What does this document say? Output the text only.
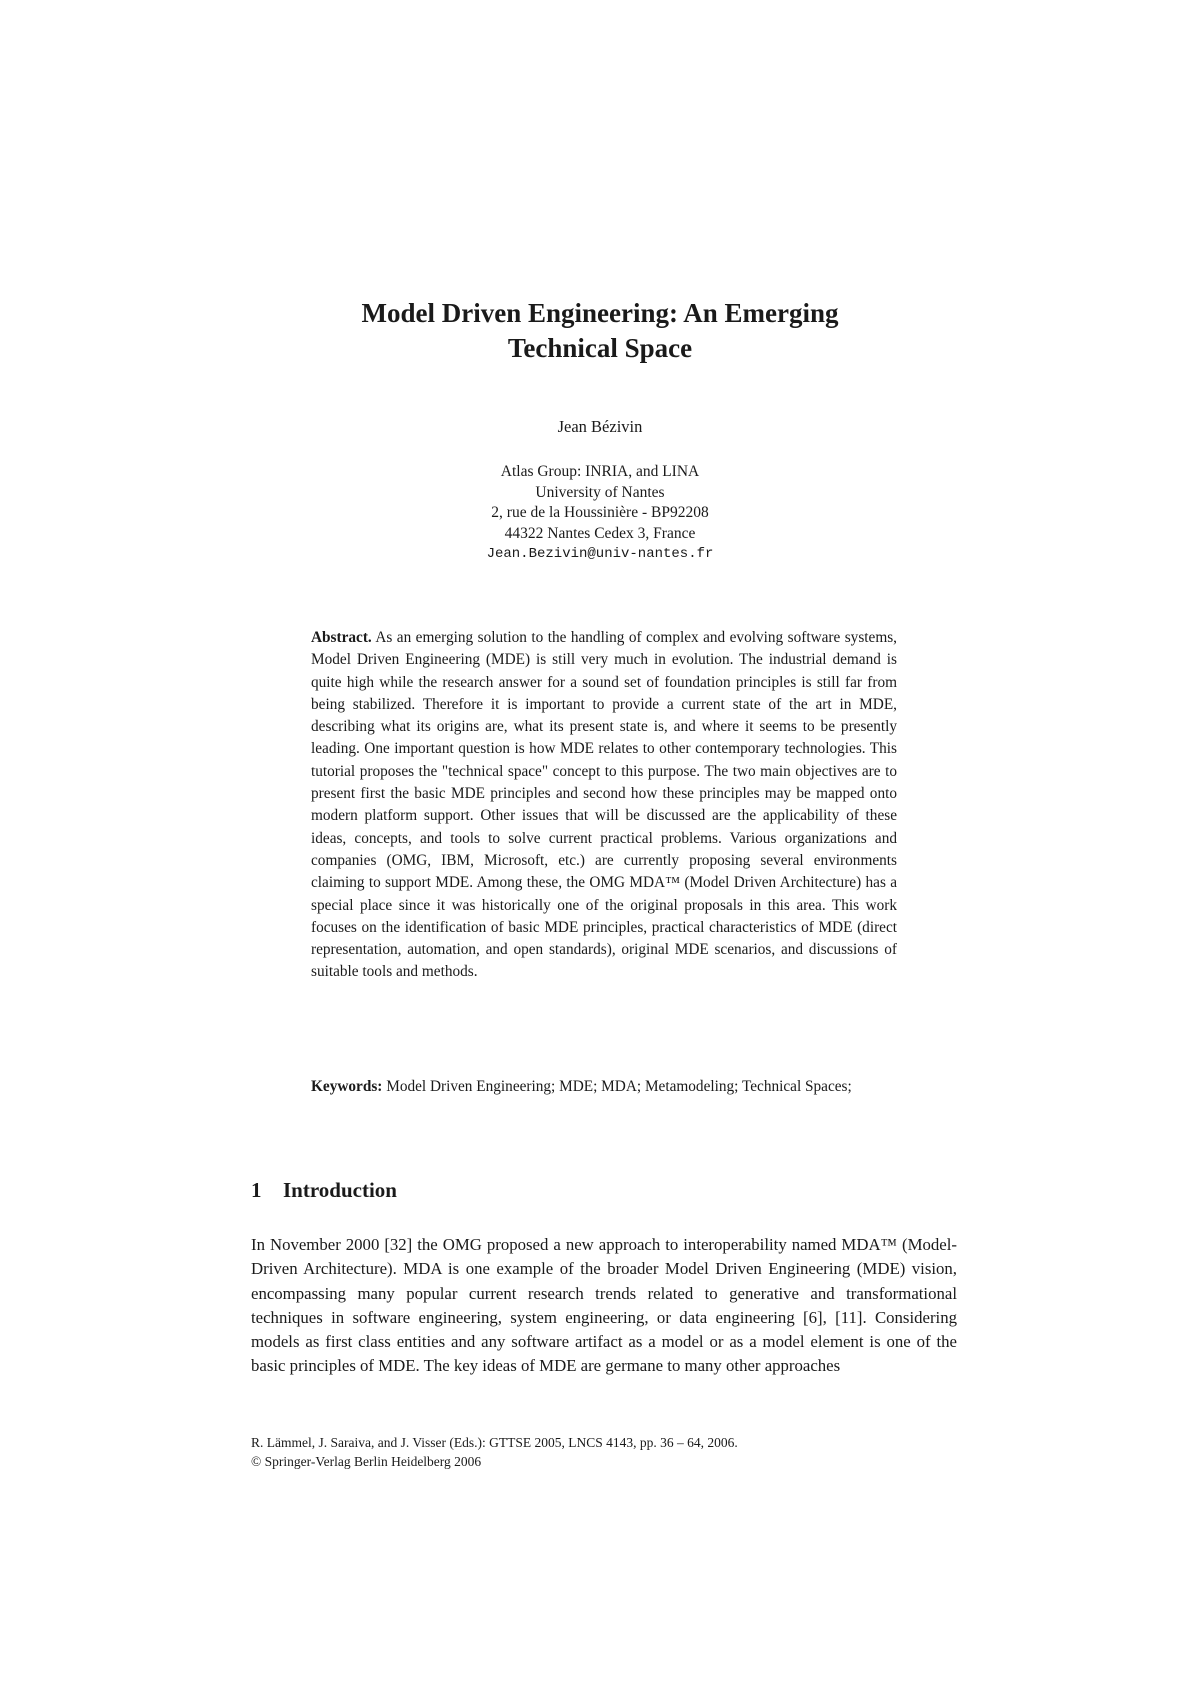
Model Driven Engineering: An Emerging
Technical Space

Jean Bézivin

Atlas Group: INRIA, and LINA
University of Nantes
2, rue de la Houssinière - BP92208
44322 Nantes Cedex 3, France
Jean.Bezivin@univ-nantes.fr

Abstract. As an emerging solution to the handling of complex and evolving software systems, Model Driven Engineering (MDE) is still very much in evolution. The industrial demand is quite high while the research answer for a sound set of foundation principles is still far from being stabilized. Therefore it is important to provide a current state of the art in MDE, describing what its origins are, what its present state is, and where it seems to be presently leading. One important question is how MDE relates to other contemporary technologies. This tutorial proposes the "technical space" concept to this purpose. The two main objectives are to present first the basic MDE principles and second how these principles may be mapped onto modern platform support. Other issues that will be discussed are the applicability of these ideas, concepts, and tools to solve current practical problems. Various organizations and companies (OMG, IBM, Microsoft, etc.) are currently proposing several environments claiming to support MDE. Among these, the OMG MDA™ (Model Driven Architecture) has a special place since it was historically one of the original proposals in this area. This work focuses on the identification of basic MDE principles, practical characteristics of MDE (direct representation, automation, and open standards), original MDE scenarios, and discussions of suitable tools and methods.

Keywords: Model Driven Engineering; MDE; MDA; Metamodeling; Technical Spaces;

1 Introduction

In November 2000 [32] the OMG proposed a new approach to interoperability named MDA™ (Model-Driven Architecture). MDA is one example of the broader Model Driven Engineering (MDE) vision, encompassing many popular current research trends related to generative and transformational techniques in software engineering, system engineering, or data engineering [6], [11]. Considering models as first class entities and any software artifact as a model or as a model element is one of the basic principles of MDE. The key ideas of MDE are germane to many other approaches

R. Lämmel, J. Saraiva, and J. Visser (Eds.): GTTSE 2005, LNCS 4143, pp. 36 – 64, 2006.
© Springer-Verlag Berlin Heidelberg 2006
